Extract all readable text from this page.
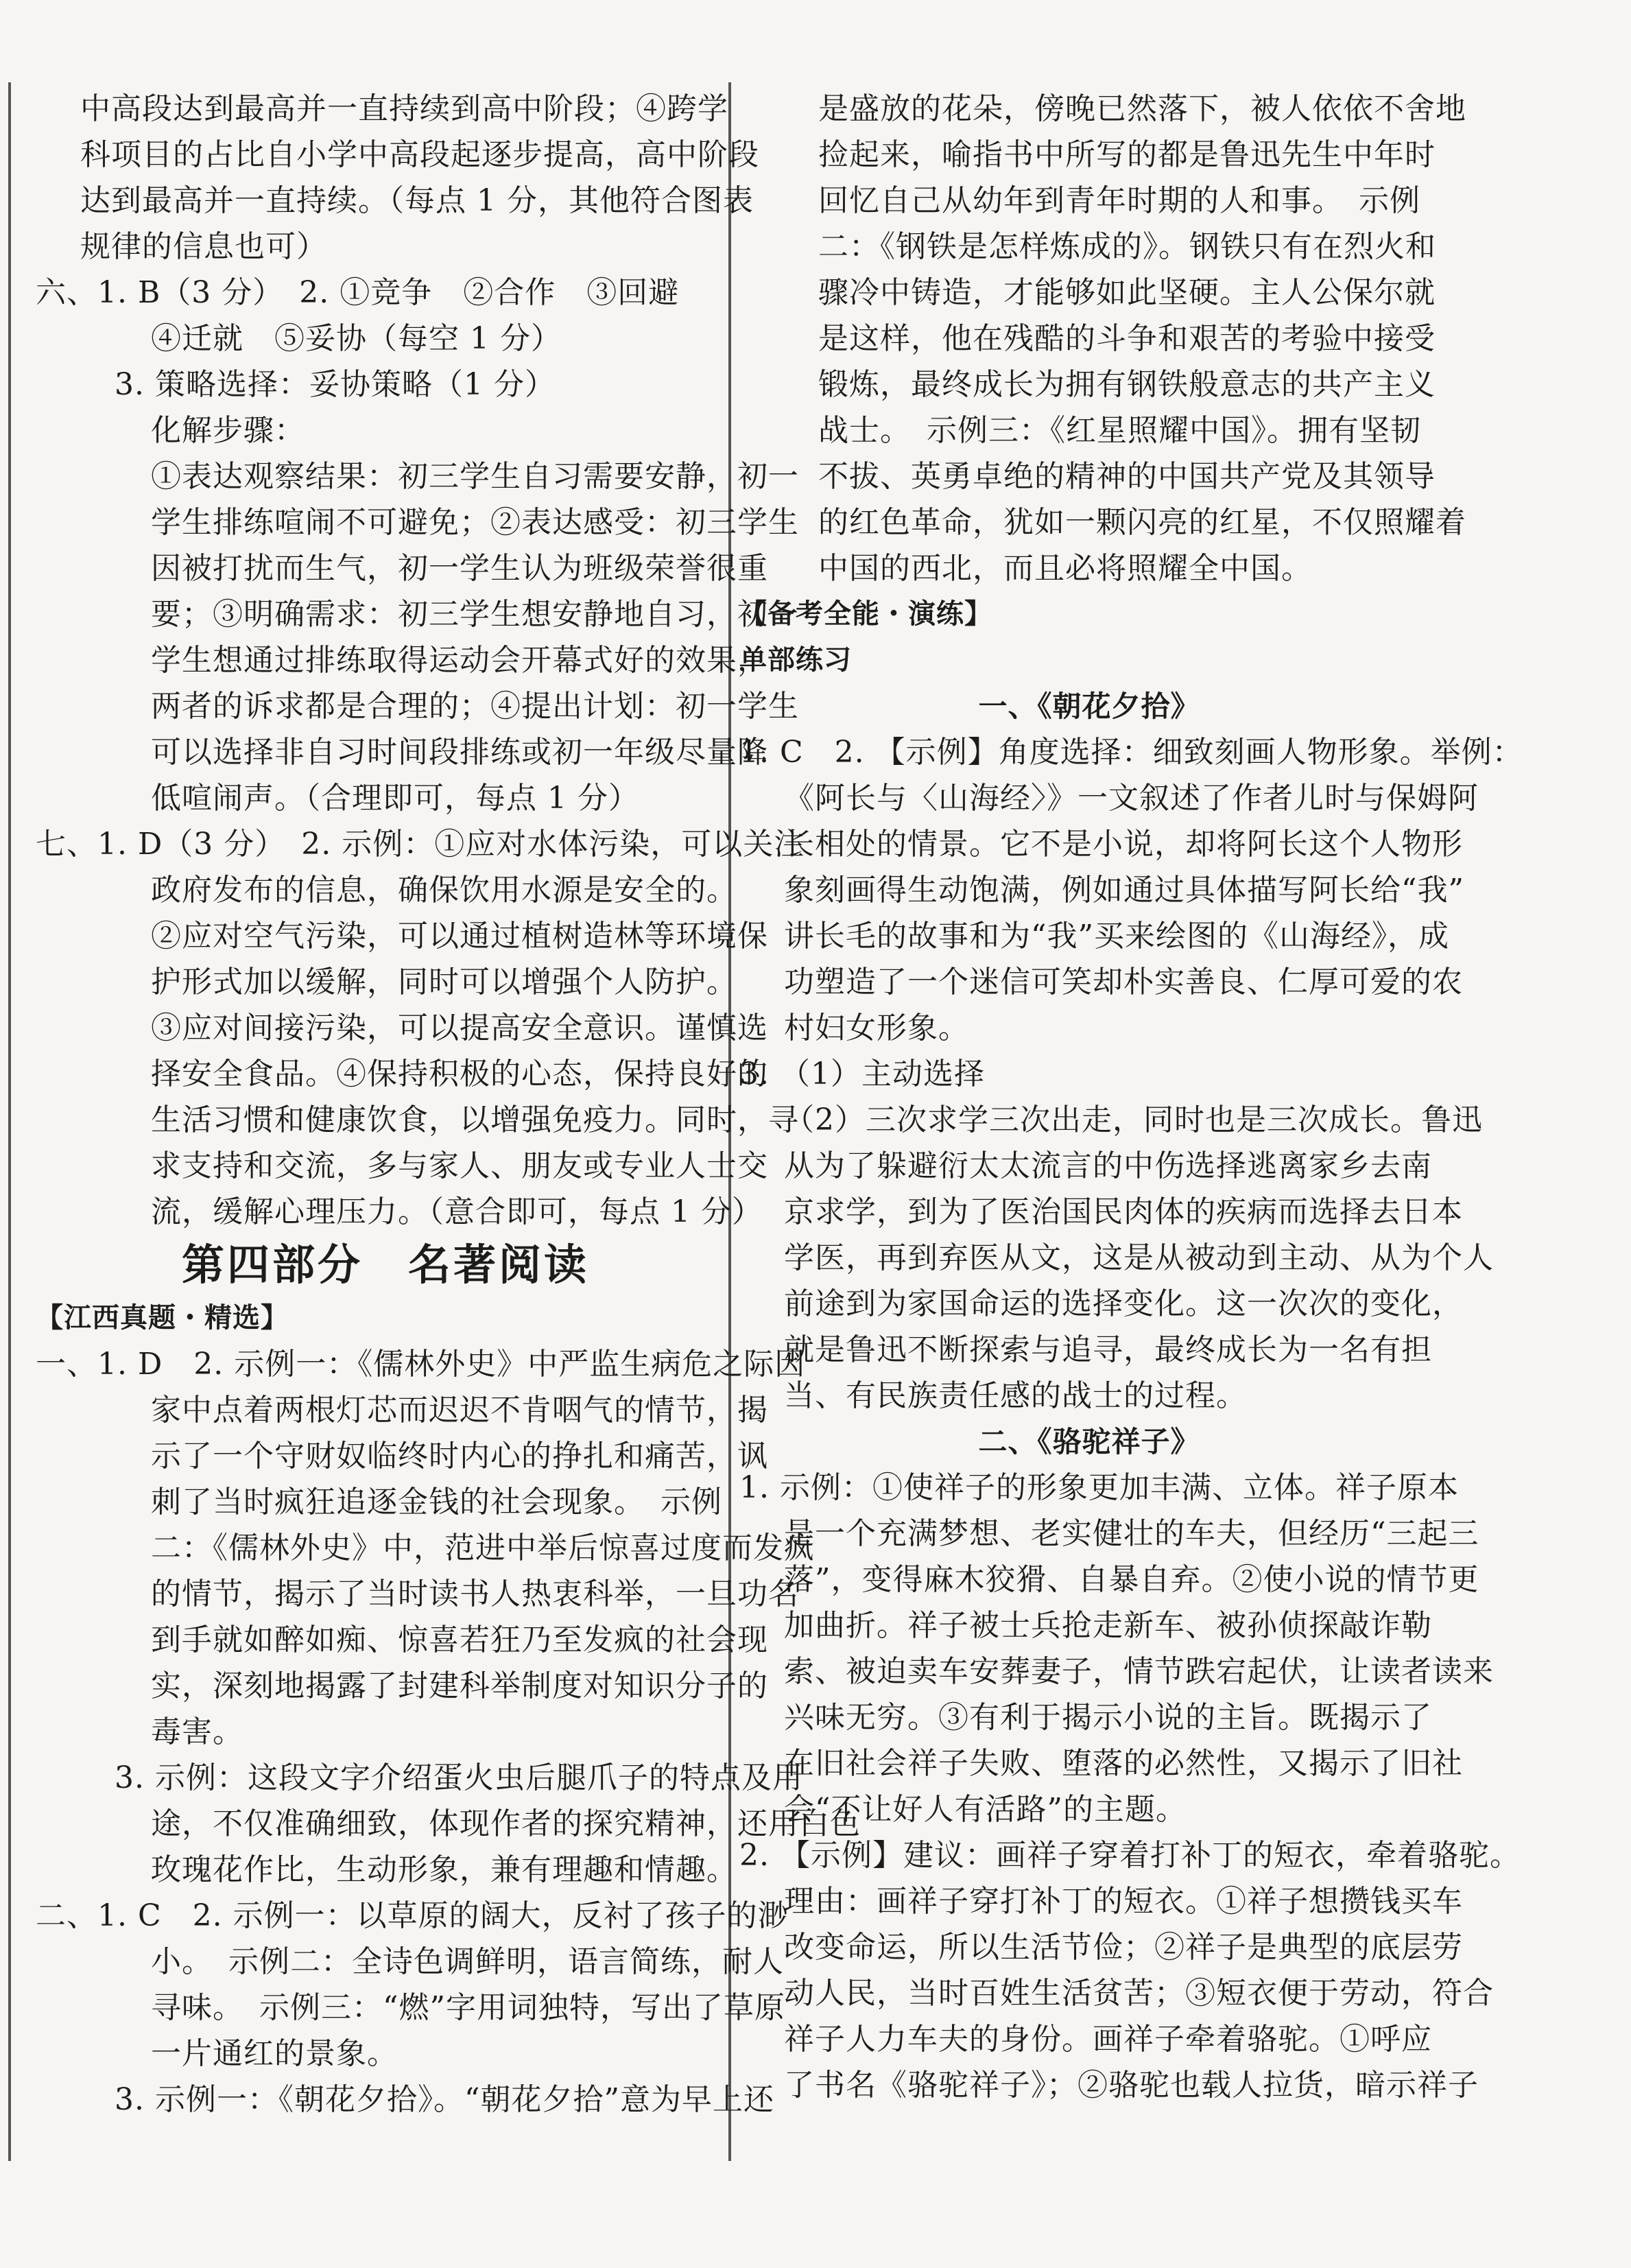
中高段达到最高并一直持续到高中阶段；④跨学
科项目的占比自小学中高段起逐步提高，高中阶段
达到最高并一直持续。（每点 1 分，其他符合图表
规律的信息也可）
六、1. B（3 分）　2. ①竞争　②合作　③回避
④迁就　⑤妥协（每空 1 分）
3. 策略选择：妥协策略（1 分）
化解步骤：
①表达观察结果：初三学生自习需要安静，初一
学生排练喧闹不可避免；②表达感受：初三学生
因被打扰而生气，初一学生认为班级荣誉很重
要；③明确需求：初三学生想安静地自习，初一
学生想通过排练取得运动会开幕式好的效果，
两者的诉求都是合理的；④提出计划：初一学生
可以选择非自习时间段排练或初一年级尽量降
低喧闹声。（合理即可，每点 1 分）
七、1. D（3 分）　2. 示例：①应对水体污染，可以关注
政府发布的信息，确保饮用水源是安全的。
②应对空气污染，可以通过植树造林等环境保
护形式加以缓解，同时可以增强个人防护。
③应对间接污染，可以提高安全意识。谨慎选
择安全食品。④保持积极的心态，保持良好的
生活习惯和健康饮食，以增强免疫力。同时，寻
求支持和交流，多与家人、朋友或专业人士交
流，缓解心理压力。（意合即可，每点 1 分）
第四部分　名著阅读
【江西真题・精选】
一、1. D　2. 示例一：《儒林外史》中严监生病危之际因
家中点着两根灯芯而迟迟不肯咽气的情节，揭
示了一个守财奴临终时内心的挣扎和痛苦，讽
刺了当时疯狂追逐金钱的社会现象。　示例
二：《儒林外史》中，范进中举后惊喜过度而发疯
的情节，揭示了当时读书人热衷科举，一旦功名
到手就如醉如痴、惊喜若狂乃至发疯的社会现
实，深刻地揭露了封建科举制度对知识分子的
毒害。
3. 示例：这段文字介绍蛋火虫后腿爪子的特点及用
途，不仅准确细致，体现作者的探究精神，还用白色
玫瑰花作比，生动形象，兼有理趣和情趣。
二、1. C　2. 示例一：以草原的阔大，反衬了孩子的渺
小。　示例二：全诗色调鲜明，语言简练，耐人
寻味。　示例三：“燃”字用词独特，写出了草原
一片通红的景象。
3. 示例一：《朝花夕拾》。“朝花夕拾”意为早上还
是盛放的花朵，傍晚已然落下，被人依依不舍地
捡起来，喻指书中所写的都是鲁迅先生中年时
回忆自己从幼年到青年时期的人和事。　示例
二：《钢铁是怎样炼成的》。钢铁只有在烈火和
骤冷中铸造，才能够如此坚硬。主人公保尔就
是这样，他在残酷的斗争和艰苦的考验中接受
锻炼，最终成长为拥有钢铁般意志的共产主义
战士。　示例三：《红星照耀中国》。拥有坚韧
不拔、英勇卓绝的精神的中国共产党及其领导
的红色革命，犹如一颗闪亮的红星，不仅照耀着
中国的西北，而且必将照耀全中国。
【备考全能・演练】
单部练习
一、《朝花夕拾》
1. C　2. 【示例】角度选择：细致刻画人物形象。举例：
《阿长与〈山海经〉》一文叙述了作者儿时与保姆阿
长相处的情景。它不是小说，却将阿长这个人物形
象刻画得生动饱满，例如通过具体描写阿长给“我”
讲长毛的故事和为“我”买来绘图的《山海经》，成
功塑造了一个迷信可笑却朴实善良、仁厚可爱的农
村妇女形象。
3. （1）主动选择
（2）三次求学三次出走，同时也是三次成长。鲁迅
从为了躲避衍太太流言的中伤选择逃离家乡去南
京求学，到为了医治国民肉体的疾病而选择去日本
学医，再到弃医从文，这是从被动到主动、从为个人
前途到为家国命运的选择变化。这一次次的变化，
就是鲁迅不断探索与追寻，最终成长为一名有担
当、有民族责任感的战士的过程。
二、《骆驼祥子》
1. 示例：①使祥子的形象更加丰满、立体。祥子原本
是一个充满梦想、老实健壮的车夫，但经历“三起三
落”，变得麻木狡猾、自暴自弃。②使小说的情节更
加曲折。祥子被士兵抢走新车、被孙侦探敲诈勒
索、被迫卖车安葬妻子，情节跌宕起伏，让读者读来
兴味无穷。③有利于揭示小说的主旨。既揭示了
在旧社会祥子失败、堕落的必然性，又揭示了旧社
会“不让好人有活路”的主题。
2. 【示例】建议：画祥子穿着打补丁的短衣，牵着骆驼。
理由：画祥子穿打补丁的短衣。①祥子想攒钱买车
改变命运，所以生活节俭；②祥子是典型的底层劳
动人民，当时百姓生活贫苦；③短衣便于劳动，符合
祥子人力车夫的身份。画祥子牵着骆驼。①呼应
了书名《骆驼祥子》；②骆驼也载人拉货，暗示祥子
